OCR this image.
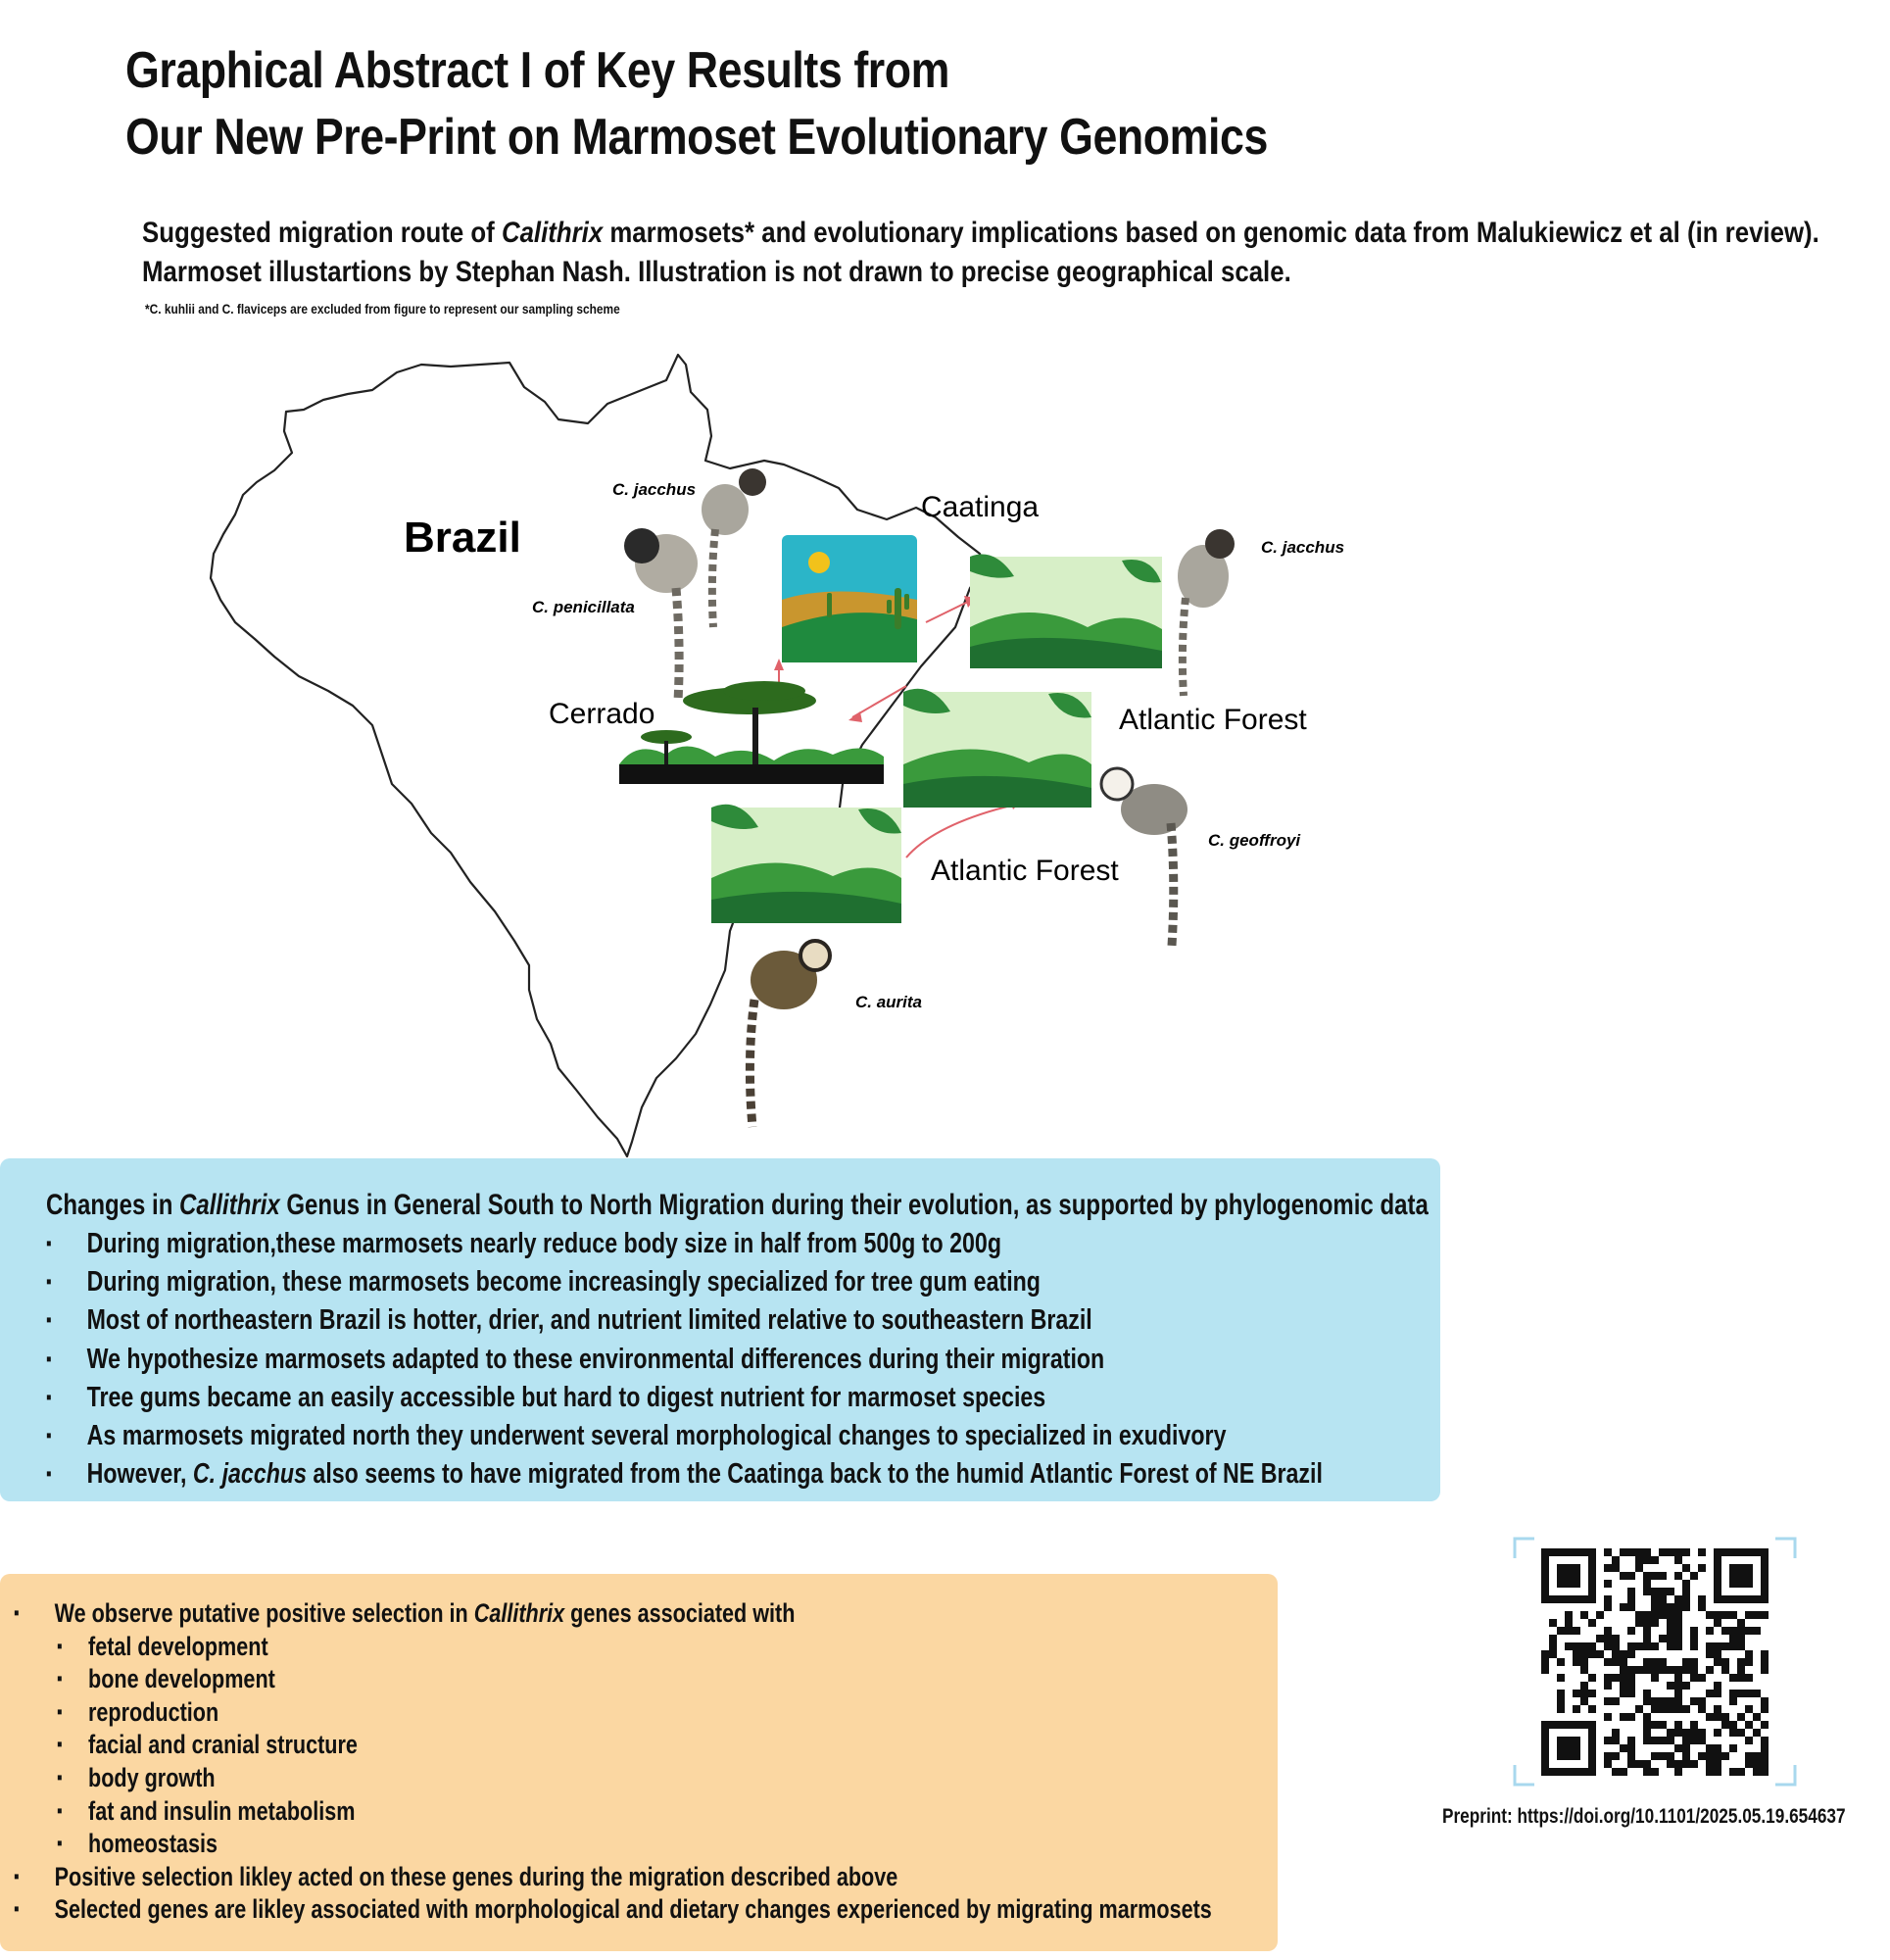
Graphical Abstract I of Key Results from
Our New Pre-Print on Marmoset Evolutionary Genomics
Suggested migration route of Calithrix marmosets* and evolutionary implications based on genomic data from Malukiewicz et al (in review).
Marmoset illustartions by Stephan Nash. Illustration is not drawn to precise geographical scale.
*C. kuhlii and C. flaviceps are excluded from figure to represent our sampling scheme
Brazil
Caatinga
Cerrado	Atlantic Forest
Atlantic Forest
C. jacchus
C. penicillata
C. jacchus
C. geoffroyi
C. aurita
Changes in Callithrix Genus in General South to North Migration during their evolution, as supported by phylogenomic data
▪ During migration,these marmosets nearly reduce body size in half from 500g to 200g
▪ During migration, these marmosets become increasingly specialized for tree gum eating
▪ Most of northeastern Brazil is hotter, drier, and nutrient limited relative to southeastern Brazil
▪ We hypothesize marmosets adapted to these environmental differences during their migration
▪ Tree gums became an easily accessible but hard to digest nutrient for marmoset species
▪ As marmosets migrated north they underwent several morphological changes to specialized in exudivory
▪ However, C. jacchus also seems to have migrated from the Caatinga back to the humid Atlantic Forest of NE Brazil
▪ We observe putative positive selection in Callithrix genes associated with
▪ fetal development
▪ bone development
▪ reproduction
▪ facial and cranial structure
▪ body growth
▪ fat and insulin metabolism
▪ homeostasis
▪ Positive selection likley acted on these genes during the migration described above
▪ Selected genes are likley associated with morphological and dietary changes experienced by migrating marmosets
Preprint: https://doi.org/10.1101/2025.05.19.654637
